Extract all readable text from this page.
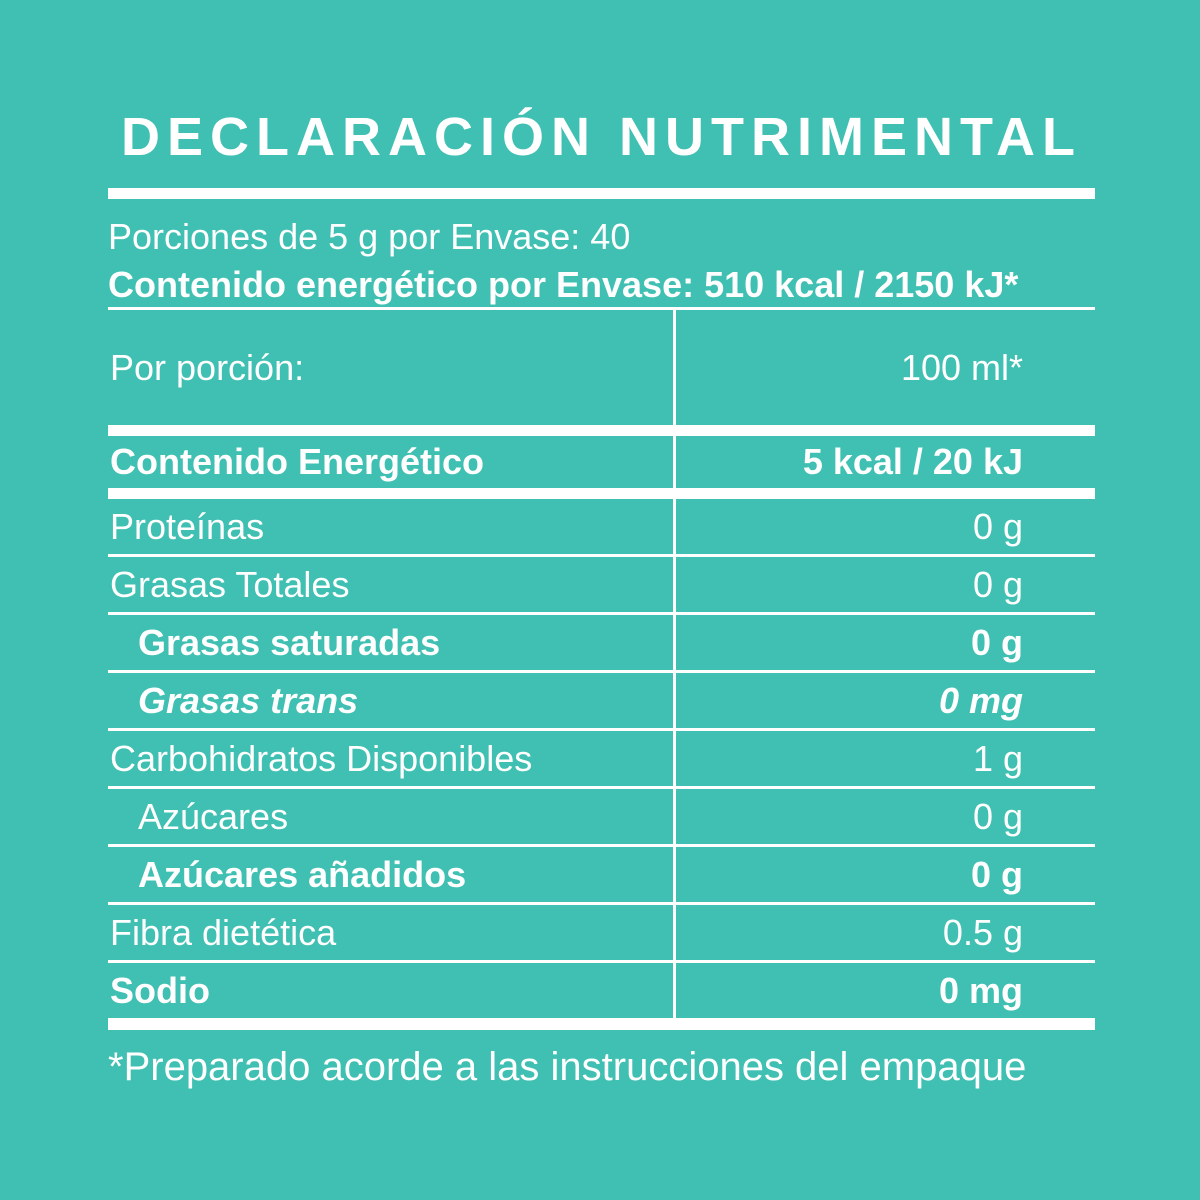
DECLARACIÓN NUTRIMENTAL
Porciones de 5 g por Envase: 40
Contenido energético por Envase: 510 kcal / 2150 kJ*
Por porción:	100 ml*
Contenido Energético	5 kcal / 20 kJ
Proteínas	0 g
Grasas Totales	0 g
Grasas saturadas	0 g
Grasas trans	0 mg
Carbohidratos Disponibles	1 g
Azúcares	0 g
Azúcares añadidos	0 g
Fibra dietética	0.5 g
Sodio	0 mg
*Preparado acorde a las instrucciones del empaque
